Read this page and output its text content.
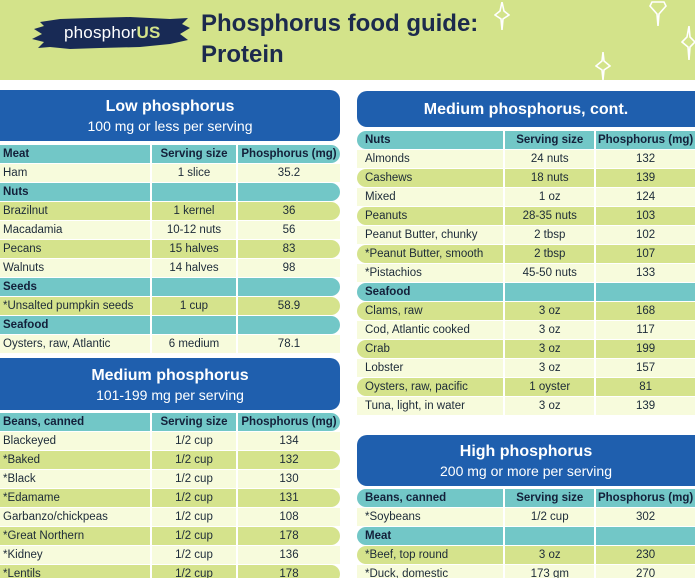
phosphorUS Phosphorus food guide:
Protein
Low phosphorus
100 mg or less per serving
Meat	Serving size	Phosphorus (mg)
Ham	1 slice	35.2
Nuts
Brazilnut	1 kernel	36
Macadamia	10-12 nuts	56
Pecans	15 halves	83
Walnuts	14 halves	98
Seeds
*Unsalted pumpkin seeds	1 cup	58.9
Seafood
Oysters, raw, Atlantic	6 medium	78.1
Medium phosphorus
101-199 mg per serving
Beans, canned	Serving size	Phosphorus (mg)
Blackeyed	1/2 cup	134
*Baked	1/2 cup	132
*Black	1/2 cup	130
*Edamame	1/2 cup	131
Garbanzo/chickpeas	1/2 cup	108
*Great Northern	1/2 cup	178
*Kidney	1/2 cup	136
*Lentils	1/2 cup	178
Medium phosphorus, cont.
Nuts	Serving size	Phosphorus (mg)
Almonds	24 nuts	132
Cashews	18 nuts	139
Mixed	1 oz	124
Peanuts	28-35 nuts	103
Peanut Butter, chunky	2 tbsp	102
*Peanut Butter, smooth	2 tbsp	107
*Pistachios	45-50 nuts	133
Seafood
Clams, raw	3 oz	168
Cod, Atlantic cooked	3 oz	117
Crab	3 oz	199
Lobster	3 oz	157
Oysters, raw, pacific	1 oyster	81
Tuna, light, in water	3 oz	139
High phosphorus
200 mg or more per serving
Beans, canned	Serving size	Phosphorus (mg)
*Soybeans	1/2 cup	302
Meat
*Beef, top round	3 oz	230
*Duck, domestic	173 gm	270
